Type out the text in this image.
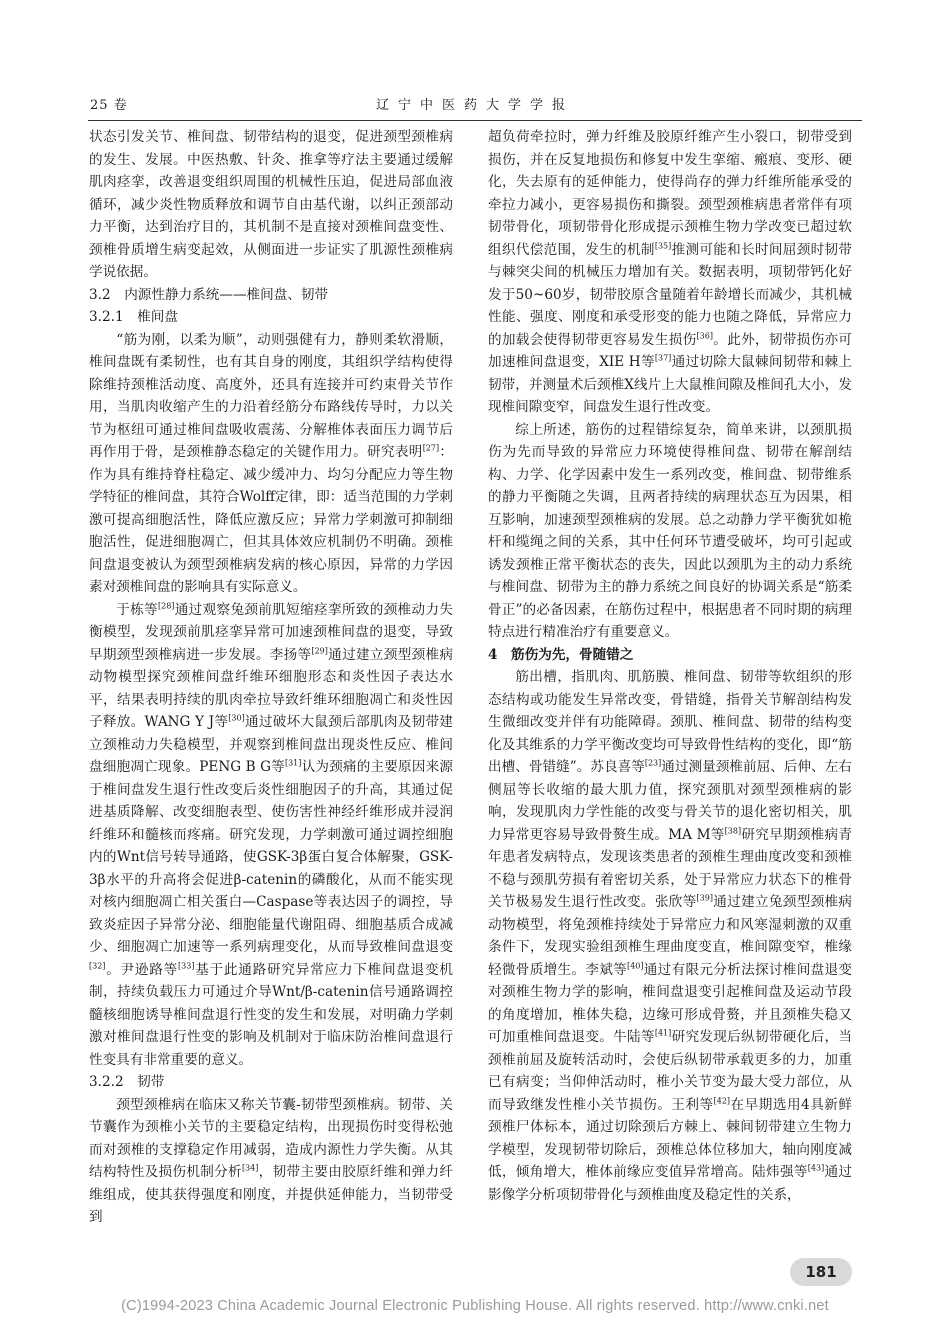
25 卷	辽宁中医药大学学报

状态引发关节、椎间盘、韧带结构的退变，促进颈型颈椎病的发生、发展。中医热敷、针灸、推拿等疗法主要通过缓解肌肉痉挛，改善退变组织周围的机械性压迫，促进局部血液循环，减少炎性物质释放和调节自由基代谢，以纠正颈部动力平衡，达到治疗目的，其机制不是直接对颈椎间盘变性、颈椎骨质增生病变起效，从侧面进一步证实了肌源性颈椎病学说依据。

3.2　内源性静力系统——椎间盘、韧带
3.2.1　椎间盘

“筋为刚，以柔为顺”，动则强健有力，静则柔软滑顺，椎间盘既有柔韧性，也有其自身的刚度，其组织学结构使得除维持颈椎活动度、高度外，还具有连接并可约束骨关节作用，当肌肉收缩产生的力沿着经筋分布路线传导时，力以关节为枢纽可通过椎间盘吸收震荡、分解椎体表面压力调节后再作用于骨，是颈椎静态稳定的关键作用力。研究表明[27]：作为具有维持脊柱稳定、减少缓冲力、均匀分配应力等生物学特征的椎间盘，其符合Wolff定律，即：适当范围的力学刺激可提高细胞活性，降低应激反应；异常力学刺激可抑制细胞活性，促进细胞凋亡，但其具体效应机制仍不明确。颈椎间盘退变被认为颈型颈椎病发病的核心原因，异常的力学因素对颈椎间盘的影响具有实际意义。

于栋等[28]通过观察兔颈前肌短缩痉挛所致的颈椎动力失衡模型，发现颈前肌痉挛异常可加速颈椎间盘的退变，导致早期颈型颈椎病进一步发展。李扬等[29]通过建立颈型颈椎病动物模型探究颈椎间盘纤维环细胞形态和炎性因子表达水平，结果表明持续的肌肉牵拉导致纤维环细胞凋亡和炎性因子释放。WANG Y J等[30]通过破坏大鼠颈后部肌肉及韧带建立颈椎动力失稳模型，并观察到椎间盘出现炎性反应、椎间盘细胞凋亡现象。PENG B G等[31]认为颈痛的主要原因来源于椎间盘发生退行性改变后炎性细胞因子的升高，其通过促进基质降解、改变细胞表型、使伤害性神经纤维形成并浸润纤维环和髓核而疼痛。研究发现，力学刺激可通过调控细胞内的Wnt信号转导通路，使GSK-3β蛋白复合体解聚，GSK-3β水平的升高将会促进β-catenin的磷酸化，从而不能实现对核内细胞凋亡相关蛋白—Caspase等表达因子的调控，导致炎症因子异常分泌、细胞能量代谢阻碍、细胞基质合成减少、细胞凋亡加速等一系列病理变化，从而导致椎间盘退变[32]。尹逊路等[33]基于此通路研究异常应力下椎间盘退变机制，持续负载压力可通过介导Wnt/β-catenin信号通路调控髓核细胞诱导椎间盘退行性变的发生和发展，对明确力学刺激对椎间盘退行性变的影响及机制对于临床防治椎间盘退行性变具有非常重要的意义。

3.2.2　韧带

颈型颈椎病在临床又称关节囊-韧带型颈椎病。韧带、关节囊作为颈椎小关节的主要稳定结构，出现损伤时变得松弛而对颈椎的支撑稳定作用减弱，造成内源性力学失衡。从其结构特性及损伤机制分析[34]，韧带主要由胶原纤维和弹力纤维组成，使其获得强度和刚度，并提供延伸能力，当韧带受到

超负荷牵拉时，弹力纤维及胶原纤维产生小裂口，韧带受到损伤，并在反复地损伤和修复中发生挛缩、瘢痕、变形、硬化，失去原有的延伸能力，使得尚存的弹力纤维所能承受的牵拉力减小，更容易损伤和撕裂。颈型颈椎病患者常伴有项韧带骨化，项韧带骨化形成提示颈椎生物力学改变已超过软组织代偿范围，发生的机制[35]推测可能和长时间屈颈时韧带与棘突尖间的机械压力增加有关。数据表明，项韧带钙化好发于50~60岁，韧带胶原含量随着年龄增长而减少，其机械性能、强度、刚度和承受形变的能力也随之降低，异常应力的加载会使得韧带更容易发生损伤[36]。此外，韧带损伤亦可加速椎间盘退变，XIE H等[37]通过切除大鼠棘间韧带和棘上韧带，并测量术后颈椎X线片上大鼠椎间隙及椎间孔大小，发现椎间隙变窄，间盘发生退行性改变。

综上所述，筋伤的过程错综复杂，简单来讲，以颈肌损伤为先而导致的异常应力环境使得椎间盘、韧带在解剖结构、力学、化学因素中发生一系列改变，椎间盘、韧带维系的静力平衡随之失调，且两者持续的病理状态互为因果，相互影响，加速颈型颈椎病的发展。总之动静力学平衡犹如桅杆和缆绳之间的关系，其中任何环节遭受破坏，均可引起或诱发颈椎正常平衡状态的丧失，因此以颈肌为主的动力系统与椎间盘、韧带为主的静力系统之间良好的协调关系是“筋柔骨正”的必备因素，在筋伤过程中，根据患者不同时期的病理特点进行精准治疗有重要意义。

4　筋伤为先，骨随错之

筋出槽，指肌肉、肌筋膜、椎间盘、韧带等软组织的形态结构或功能发生异常改变，骨错缝，指骨关节解剖结构发生微细改变并伴有功能障碍。颈肌、椎间盘、韧带的结构变化及其维系的力学平衡改变均可导致骨性结构的变化，即“筋出槽、骨错缝”。苏良喜等[23]通过测量颈椎前屈、后伸、左右侧屈等长收缩的最大肌力值，探究颈肌对颈型颈椎病的影响，发现肌肉力学性能的改变与骨关节的退化密切相关，肌力异常更容易导致骨赘生成。MA M等[38]研究早期颈椎病青年患者发病特点，发现该类患者的颈椎生理曲度改变和颈椎不稳与颈肌劳损有着密切关系，处于异常应力状态下的椎骨关节极易发生退行性改变。张欣等[39]通过建立兔颈型颈椎病动物模型，将兔颈椎持续处于异常应力和风寒湿刺激的双重条件下，发现实验组颈椎生理曲度变直，椎间隙变窄，椎缘轻微骨质增生。李斌等[40]通过有限元分析法探讨椎间盘退变对颈椎生物力学的影响，椎间盘退变引起椎间盘及运动节段的角度增加，椎体失稳，边缘可形成骨赘，并且颈椎失稳又可加重椎间盘退变。牛陆等[41]研究发现后纵韧带硬化后，当颈椎前屈及旋转活动时，会使后纵韧带承载更多的力，加重已有病变；当仰伸活动时，椎小关节变为最大受力部位，从而导致继发性椎小关节损伤。王利等[42]在早期选用4具新鲜颈椎尸体标本，通过切除颈后方棘上、棘间韧带建立生物力学模型，发现韧带切除后，颈椎总体位移加大，轴向刚度减低，倾角增大，椎体前缘应变值异常增高。陆炜强等[43]通过影像学分析项韧带骨化与颈椎曲度及稳定性的关系，

181
(C)1994-2023 China Academic Journal Electronic Publishing House. All rights reserved. http://www.cnki.net
